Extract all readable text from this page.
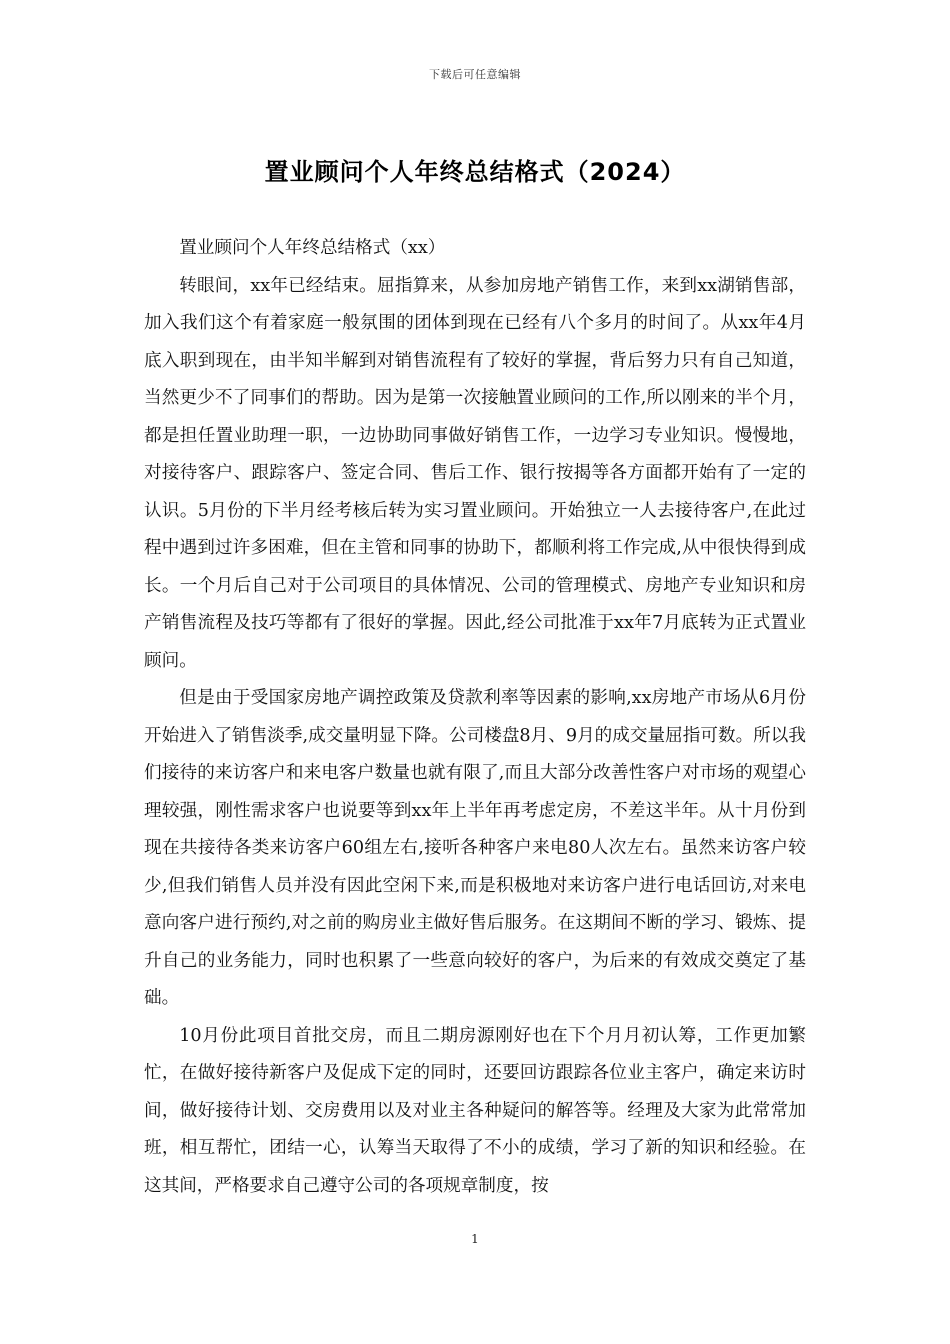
下载后可任意编辑
置业顾问个人年终总结格式（2024）

置业顾问个人年终总结格式（xx）

转眼间，xx年已经结束。屈指算来，从参加房地产销售工作，来到xx湖销售部，加入我们这个有着家庭一般氛围的团体到现在已经有八个多月的时间了。从xx年4月底入职到现在，由半知半解到对销售流程有了较好的掌握，背后努力只有自己知道，当然更少不了同事们的帮助。因为是第一次接触置业顾问的工作,所以刚来的半个月，都是担任置业助理一职，一边协助同事做好销售工作，一边学习专业知识。慢慢地，对接待客户、跟踪客户、签定合同、售后工作、银行按揭等各方面都开始有了一定的认识。5月份的下半月经考核后转为实习置业顾问。开始独立一人去接待客户,在此过程中遇到过许多困难，但在主管和同事的协助下，都顺利将工作完成,从中很快得到成长。一个月后自己对于公司项目的具体情况、公司的管理模式、房地产专业知识和房产销售流程及技巧等都有了很好的掌握。因此,经公司批准于xx年7月底转为正式置业顾问。

但是由于受国家房地产调控政策及贷款利率等因素的影响,xx房地产市场从6月份开始进入了销售淡季,成交量明显下降。公司楼盘8月、9月的成交量屈指可数。所以我们接待的来访客户和来电客户数量也就有限了,而且大部分改善性客户对市场的观望心理较强，刚性需求客户也说要等到xx年上半年再考虑定房，不差这半年。从十月份到现在共接待各类来访客户60组左右,接听各种客户来电80人次左右。虽然来访客户较少,但我们销售人员并没有因此空闲下来,而是积极地对来访客户进行电话回访,对来电意向客户进行预约,对之前的购房业主做好售后服务。在这期间不断的学习、锻炼、提升自己的业务能力，同时也积累了一些意向较好的客户，为后来的有效成交奠定了基础。

10月份此项目首批交房，而且二期房源刚好也在下个月月初认筹，工作更加繁忙，在做好接待新客户及促成下定的同时，还要回访跟踪各位业主客户，确定来访时间，做好接待计划、交房费用以及对业主各种疑问的解答等。经理及大家为此常常加班，相互帮忙，团结一心，认筹当天取得了不小的成绩，学习了新的知识和经验。在这其间，严格要求自己遵守公司的各项规章制度，按

1
